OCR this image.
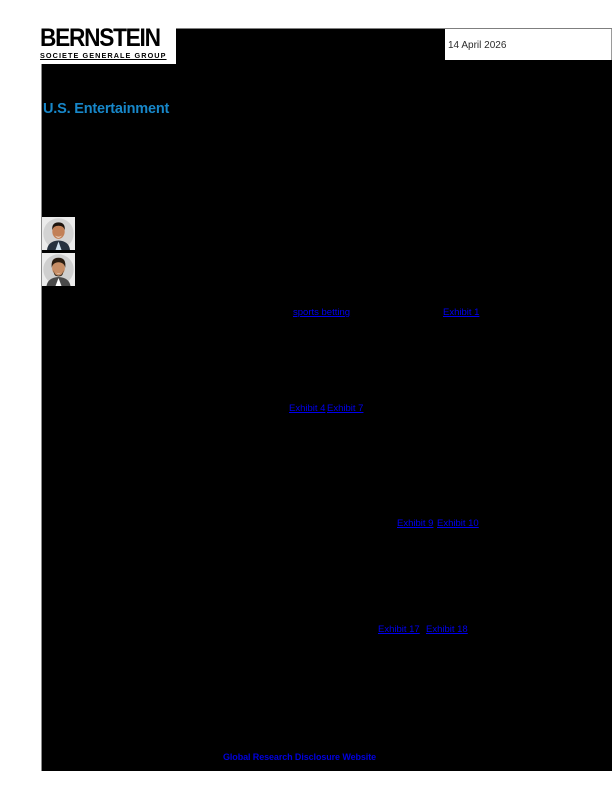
BERNSTEIN
SOCIETE GENERALE GROUP
14 April 2026
U.S. Entertainment
sports betting	Exhibit 1
Exhibit 4 Exhibit 7
Exhibit 9 Exhibit 10
Exhibit 17 Exhibit 18
Global Research Disclosure Website
